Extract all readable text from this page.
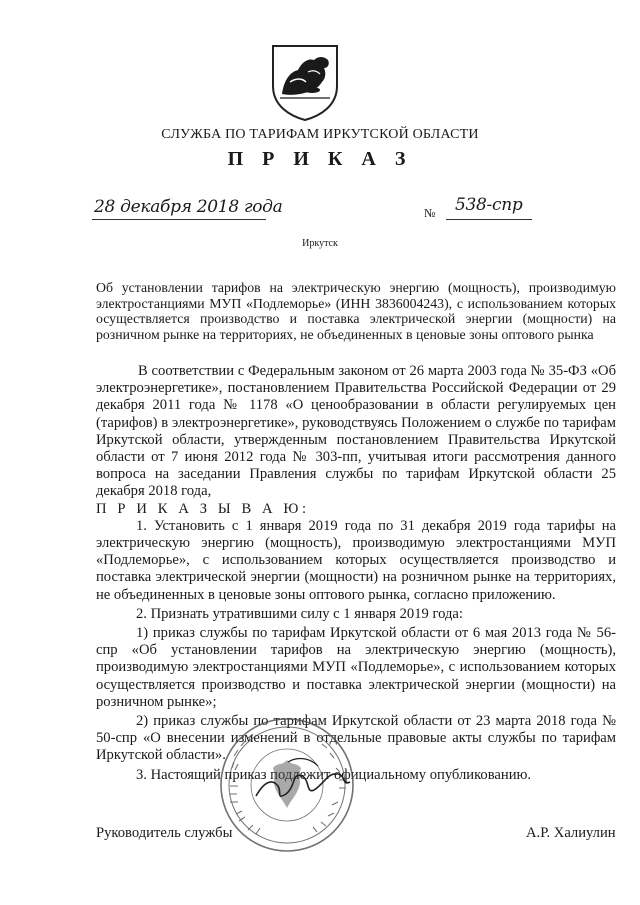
СЛУЖБА ПО ТАРИФАМ ИРКУТСКОЙ ОБЛАСТИ
П Р И К А З
28 декабря 2018 года	№ 538-спр
Иркутск
Об установлении тарифов на электрическую энергию (мощность), производимую электростанциями МУП «Подлеморье» (ИНН 3836004243), с использованием которых осуществляется производство и поставка электрической энергии (мощности) на розничном рынке на территориях, не объединенных в ценовые зоны оптового рынка

В соответствии с Федеральным законом от 26 марта 2003 года № 35-ФЗ «Об электроэнергетике», постановлением Правительства Российской Федерации от 29 декабря 2011 года № 1178 «О ценообразовании в области регулируемых цен (тарифов) в электроэнергетике», руководствуясь Положением о службе по тарифам Иркутской области, утвержденным постановлением Правительства Иркутской области от 7 июня 2012 года № 303-пп, учитывая итоги рассмотрения данного вопроса на заседании Правления службы по тарифам Иркутской области 25 декабря 2018 года,

П Р И К А З Ы В А Ю:

1. Установить с 1 января 2019 года по 31 декабря 2019 года тарифы на электрическую энергию (мощность), производимую электростанциями МУП «Подлеморье», с использованием которых осуществляется производство и поставка электрической энергии (мощности) на розничном рынке на территориях, не объединенных в ценовые зоны оптового рынка, согласно приложению.

2. Признать утратившими силу с 1 января 2019 года:

1) приказ службы по тарифам Иркутской области от 6 мая 2013 года № 56-спр «Об установлении тарифов на электрическую энергию (мощность), производимую электростанциями МУП «Подлеморье», с использованием которых осуществляется производство и поставка электрической энергии (мощности) на розничном рынке»;

2) приказ службы по тарифам Иркутской области от 23 марта 2018 года № 50-спр «О внесении изменений в отдельные правовые акты службы по тарифам Иркутской области».

3. Настоящий приказ подлежит официальному опубликованию.

Руководитель службы	А.Р. Халиулин
